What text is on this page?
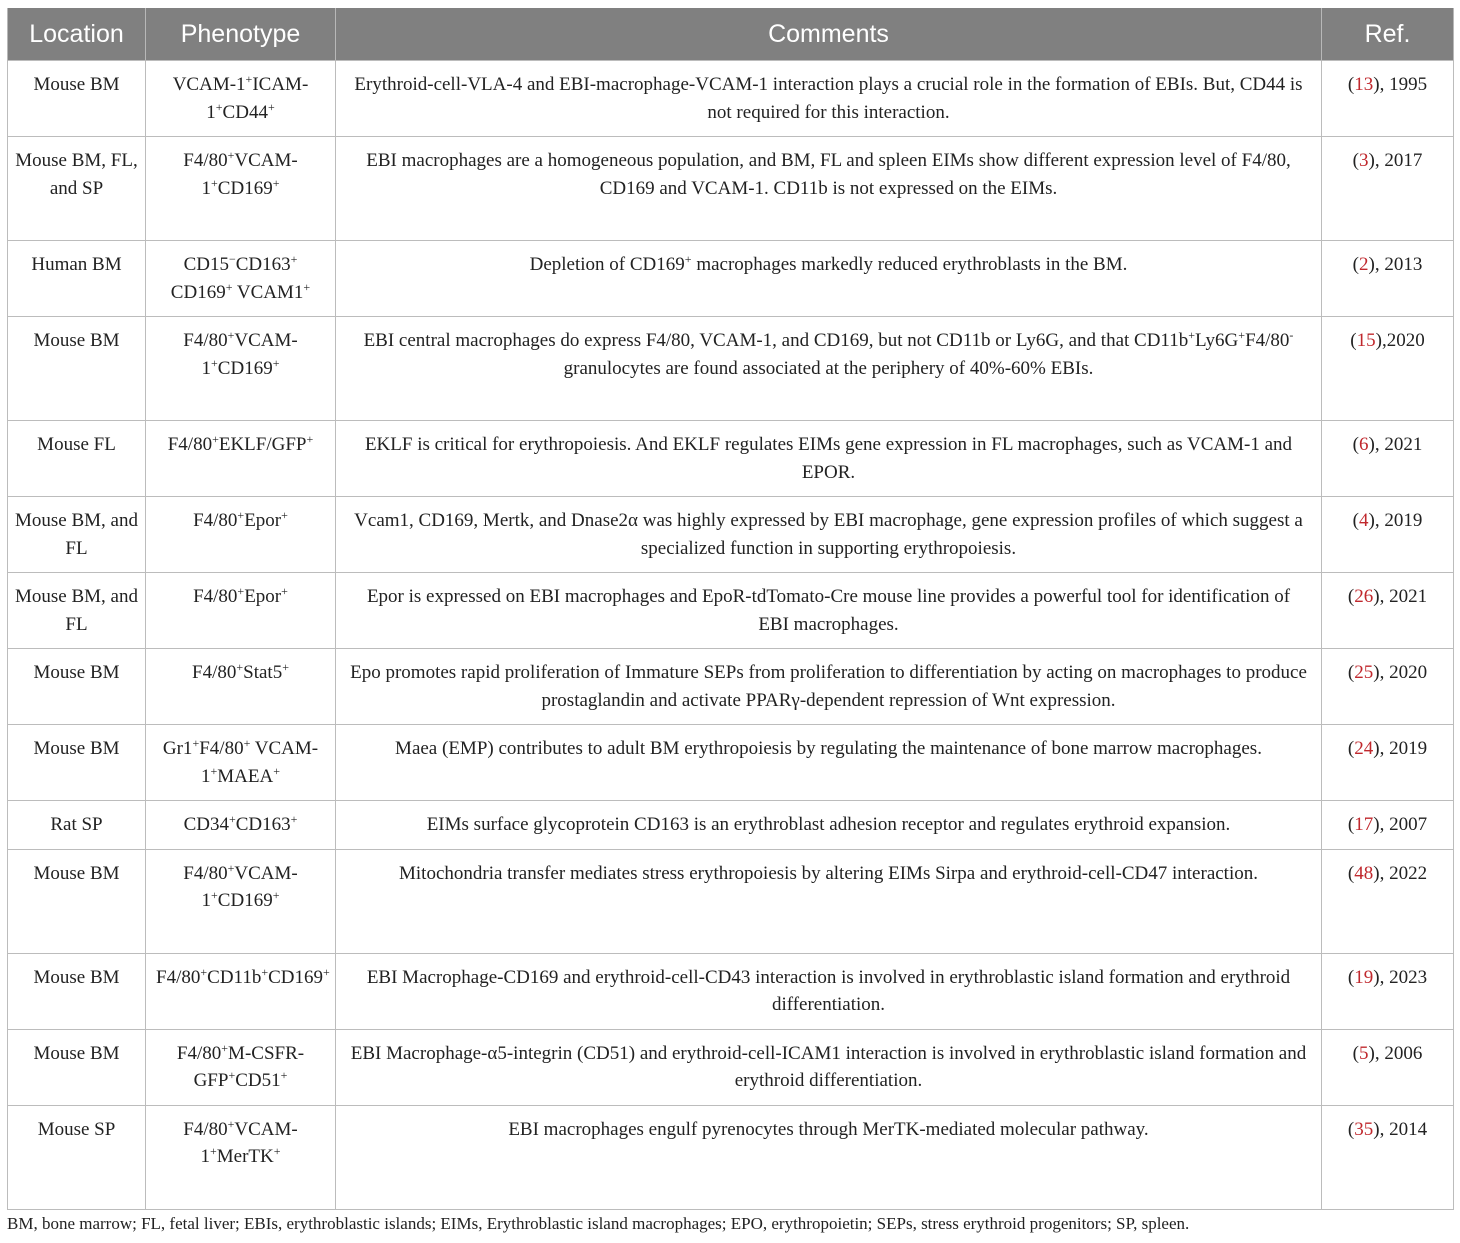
Location	Phenotype	Comments	Ref.
Mouse BM	VCAM-1+ICAM-1+CD44+	Erythroid-cell-VLA-4 and EBI-macrophage-VCAM-1 interaction plays a crucial role in the formation of EBIs. But, CD44 is not required for this interaction.	(13), 1995
Mouse BM, FL, and SP	F4/80+VCAM-1+CD169+	EBI macrophages are a homogeneous population, and BM, FL and spleen EIMs show different expression level of F4/80, CD169 and VCAM-1. CD11b is not expressed on the EIMs.	(3), 2017
Human BM	CD15−CD163+ CD169+ VCAM1+	Depletion of CD169+ macrophages markedly reduced erythroblasts in the BM.	(2), 2013
Mouse BM	F4/80+VCAM-1+CD169+	EBI central macrophages do express F4/80, VCAM-1, and CD169, but not CD11b or Ly6G, and that CD11b+Ly6G+F4/80- granulocytes are found associated at the periphery of 40%-60% EBIs.	(15),2020
Mouse FL	F4/80+EKLF/GFP+	EKLF is critical for erythropoiesis. And EKLF regulates EIMs gene expression in FL macrophages, such as VCAM-1 and EPOR.	(6), 2021
Mouse BM, and FL	F4/80+Epor+	Vcam1, CD169, Mertk, and Dnase2α was highly expressed by EBI macrophage, gene expression profiles of which suggest a specialized function in supporting erythropoiesis.	(4), 2019
Mouse BM, and FL	F4/80+Epor+	Epor is expressed on EBI macrophages and EpoR-tdTomato-Cre mouse line provides a powerful tool for identification of EBI macrophages.	(26), 2021
Mouse BM	F4/80+Stat5+	Epo promotes rapid proliferation of Immature SEPs from proliferation to differentiation by acting on macrophages to produce prostaglandin and activate PPARγ-dependent repression of Wnt expression.	(25), 2020
Mouse BM	Gr1+F4/80+ VCAM-1+MAEA+	Maea (EMP) contributes to adult BM erythropoiesis by regulating the maintenance of bone marrow macrophages.	(24), 2019
Rat SP	CD34+CD163+	EIMs surface glycoprotein CD163 is an erythroblast adhesion receptor and regulates erythroid expansion.	(17), 2007
Mouse BM	F4/80+VCAM-1+CD169+	Mitochondria transfer mediates stress erythropoiesis by altering EIMs Sirpa and erythroid-cell-CD47 interaction.	(48), 2022
Mouse BM	F4/80+CD11b+CD169+	EBI Macrophage-CD169 and erythroid-cell-CD43 interaction is involved in erythroblastic island formation and erythroid differentiation.	(19), 2023
Mouse BM	F4/80+M-CSFR-GFP+CD51+	EBI Macrophage-α5-integrin (CD51) and erythroid-cell-ICAM1 interaction is involved in erythroblastic island formation and erythroid differentiation.	(5), 2006
Mouse SP	F4/80+VCAM-1+MerTK+	EBI macrophages engulf pyrenocytes through MerTK-mediated molecular pathway.	(35), 2014
BM, bone marrow; FL, fetal liver; EBIs, erythroblastic islands; EIMs, Erythroblastic island macrophages; EPO, erythropoietin; SEPs, stress erythroid progenitors; SP, spleen.
